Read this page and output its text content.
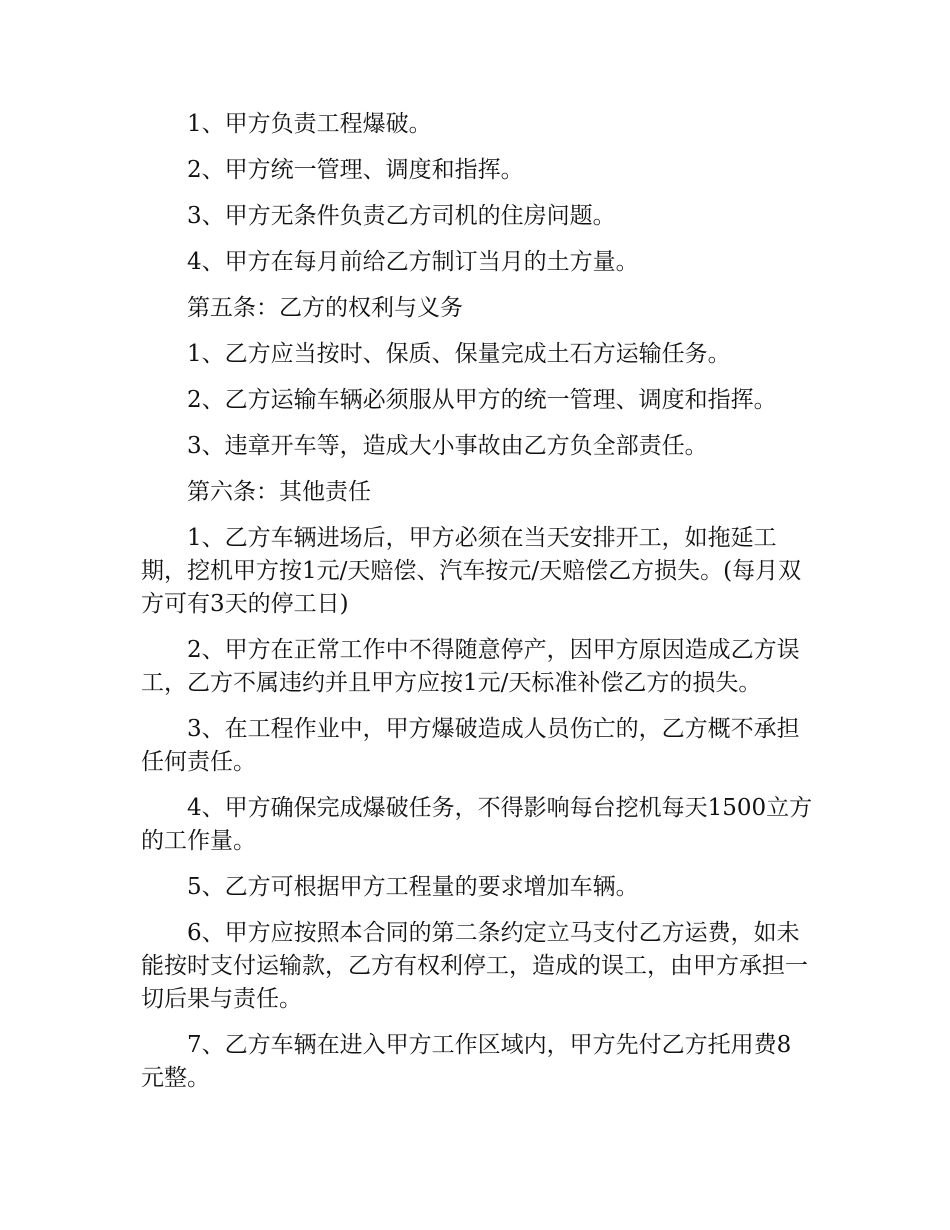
1、甲方负责工程爆破。

2、甲方统一管理、调度和指挥。

3、甲方无条件负责乙方司机的住房问题。

4、甲方在每月前给乙方制订当月的土方量。

第五条：乙方的权利与义务

1、乙方应当按时、保质、保量完成土石方运输任务。

2、乙方运输车辆必须服从甲方的统一管理、调度和指挥。

3、违章开车等，造成大小事故由乙方负全部责任。

第六条：其他责任

1、乙方车辆进场后，甲方必须在当天安排开工，如拖延工期，挖机甲方按1元/天赔偿、汽车按元/天赔偿乙方损失。(每月双方可有3天的停工日)

2、甲方在正常工作中不得随意停产，因甲方原因造成乙方误工，乙方不属违约并且甲方应按1元/天标准补偿乙方的损失。

3、在工程作业中，甲方爆破造成人员伤亡的，乙方概不承担任何责任。

4、甲方确保完成爆破任务，不得影响每台挖机每天1500立方的工作量。

5、乙方可根据甲方工程量的要求增加车辆。

6、甲方应按照本合同的第二条约定立马支付乙方运费，如未能按时支付运输款，乙方有权利停工，造成的误工，由甲方承担一切后果与责任。

7、乙方车辆在进入甲方工作区域内，甲方先付乙方托用费8元整。
